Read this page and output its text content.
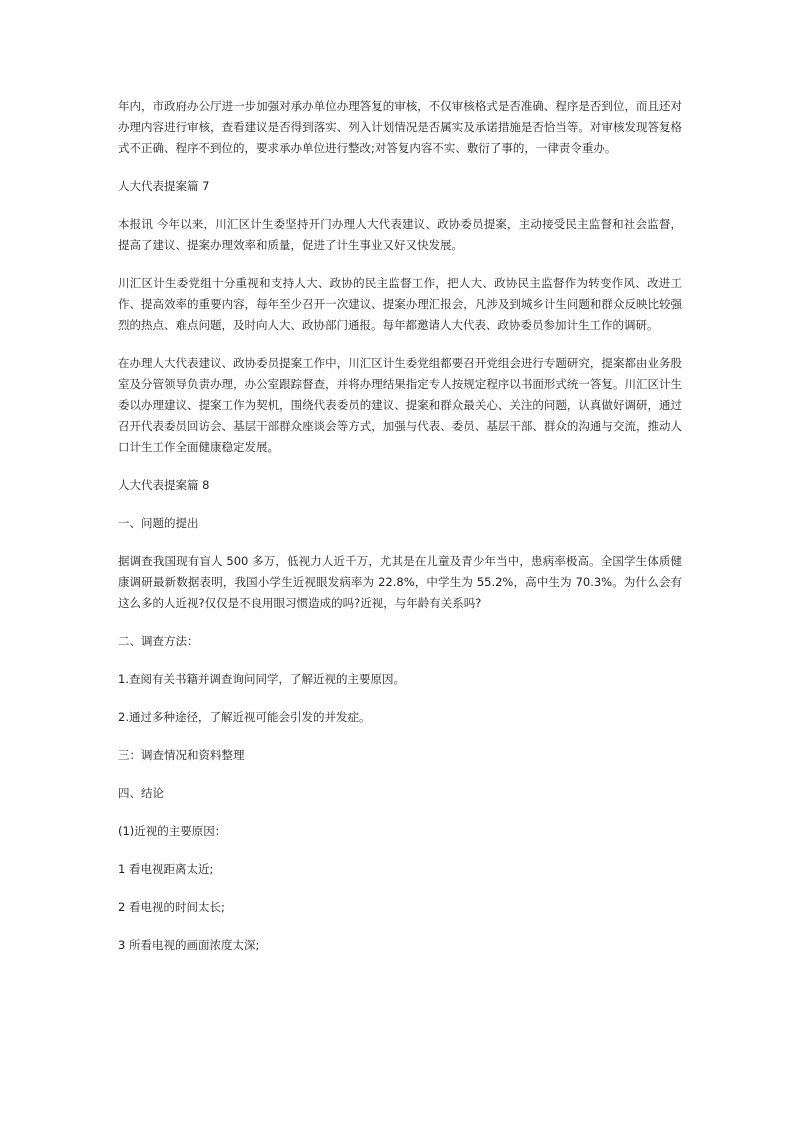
年内，市政府办公厅进一步加强对承办单位办理答复的审核，不仅审核格式是否准确、程序是否到位，而且还对办理内容进行审核，查看建议是否得到落实、列入计划情况是否属实及承诺措施是否恰当等。对审核发现答复格式不正确、程序不到位的，要求承办单位进行整改;对答复内容不实、敷衍了事的，一律责令重办。

人大代表提案篇 7

本报讯 今年以来，川汇区计生委坚持开门办理人大代表建议、政协委员提案，主动接受民主监督和社会监督，提高了建议、提案办理效率和质量，促进了计生事业又好又快发展。

川汇区计生委党组十分重视和支持人大、政协的民主监督工作，把人大、政协民主监督作为转变作风、改进工作、提高效率的重要内容，每年至少召开一次建议、提案办理汇报会，凡涉及到城乡计生问题和群众反映比较强烈的热点、难点问题，及时向人大、政协部门通报。每年都邀请人大代表、政协委员参加计生工作的调研。

在办理人大代表建议、政协委员提案工作中，川汇区计生委党组都要召开党组会进行专题研究，提案都由业务股室及分管领导负责办理，办公室跟踪督查，并将办理结果指定专人按规定程序以书面形式统一答复。川汇区计生委以办理建议、提案工作为契机，围绕代表委员的建议、提案和群众最关心、关注的问题，认真做好调研，通过召开代表委员回访会、基层干部群众座谈会等方式，加强与代表、委员、基层干部、群众的沟通与交流，推动人口计生工作全面健康稳定发展。

人大代表提案篇 8

一、问题的提出

据调查我国现有盲人 500 多万，低视力人近千万，尤其是在儿童及青少年当中，患病率极高。全国学生体质健康调研最新数据表明，我国小学生近视眼发病率为 22.8%，中学生为 55.2%，高中生为 70.3%。为什么会有这么多的人近视?仅仅是不良用眼习惯造成的吗?近视，与年龄有关系吗?

二、调查方法：

1.查阅有关书籍并调查询问同学，了解近视的主要原因。

2.通过多种途径，了解近视可能会引发的并发症。

三：调查情况和资料整理

四、结论

(1)近视的主要原因：

1 看电视距离太近;

2 看电视的时间太长;

3 所看电视的画面浓度太深;
